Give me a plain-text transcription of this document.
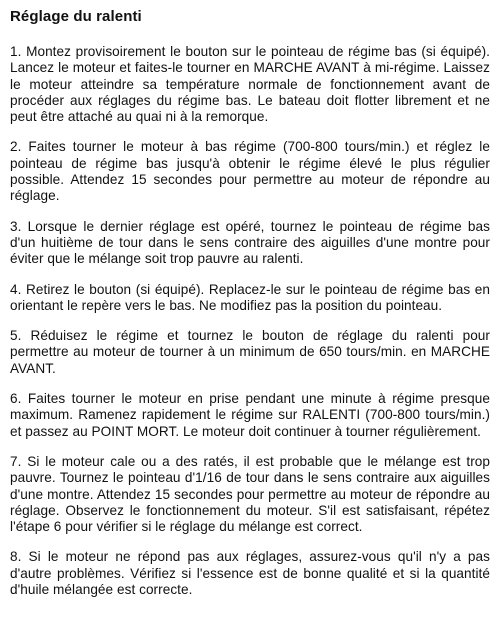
Réglage du ralenti

1. Montez provisoirement le bouton sur le pointeau de régime bas (si équipé). Lancez le moteur et faites-le tourner en MARCHE AVANT à mi-régime. Laissez le moteur atteindre sa température normale de fonctionnement avant de procéder aux réglages du régime bas. Le bateau doit flotter librement et ne peut être attaché au quai ni à la remorque.

2. Faites tourner le moteur à bas régime (700-800 tours/min.) et réglez le pointeau de régime bas jusqu'à obtenir le régime élevé le plus régulier possible. Attendez 15 secondes pour permettre au moteur de répondre au réglage.

3. Lorsque le dernier réglage est opéré, tournez le pointeau de régime bas d'un huitième de tour dans le sens contraire des aiguilles d'une montre pour éviter que le mélange soit trop pauvre au ralenti.

4. Retirez le bouton (si équipé). Replacez-le sur le pointeau de régime bas en orientant le repère vers le bas. Ne modifiez pas la position du pointeau.

5. Réduisez le régime et tournez le bouton de réglage du ralenti pour permettre au moteur de tourner à un minimum de 650 tours/min. en MARCHE AVANT.

6. Faites tourner le moteur en prise pendant une minute à régime presque maximum. Ramenez rapidement le régime sur RALENTI (700-800 tours/min.) et passez au POINT MORT. Le moteur doit continuer à tourner régulièrement.

7. Si le moteur cale ou a des ratés, il est probable que le mélange est trop pauvre. Tournez le pointeau d'1/16 de tour dans le sens contraire aux aiguilles d'une montre. Attendez 15 secondes pour permettre au moteur de répondre au réglage. Observez le fonctionnement du moteur. S'il est satisfaisant, répétez l'étape 6 pour vérifier si le réglage du mélange est correct.

8. Si le moteur ne répond pas aux réglages, assurez-vous qu'il n'y a pas d'autre problèmes. Vérifiez si l'essence est de bonne qualité et si la quantité d'huile mélangée est correcte.
